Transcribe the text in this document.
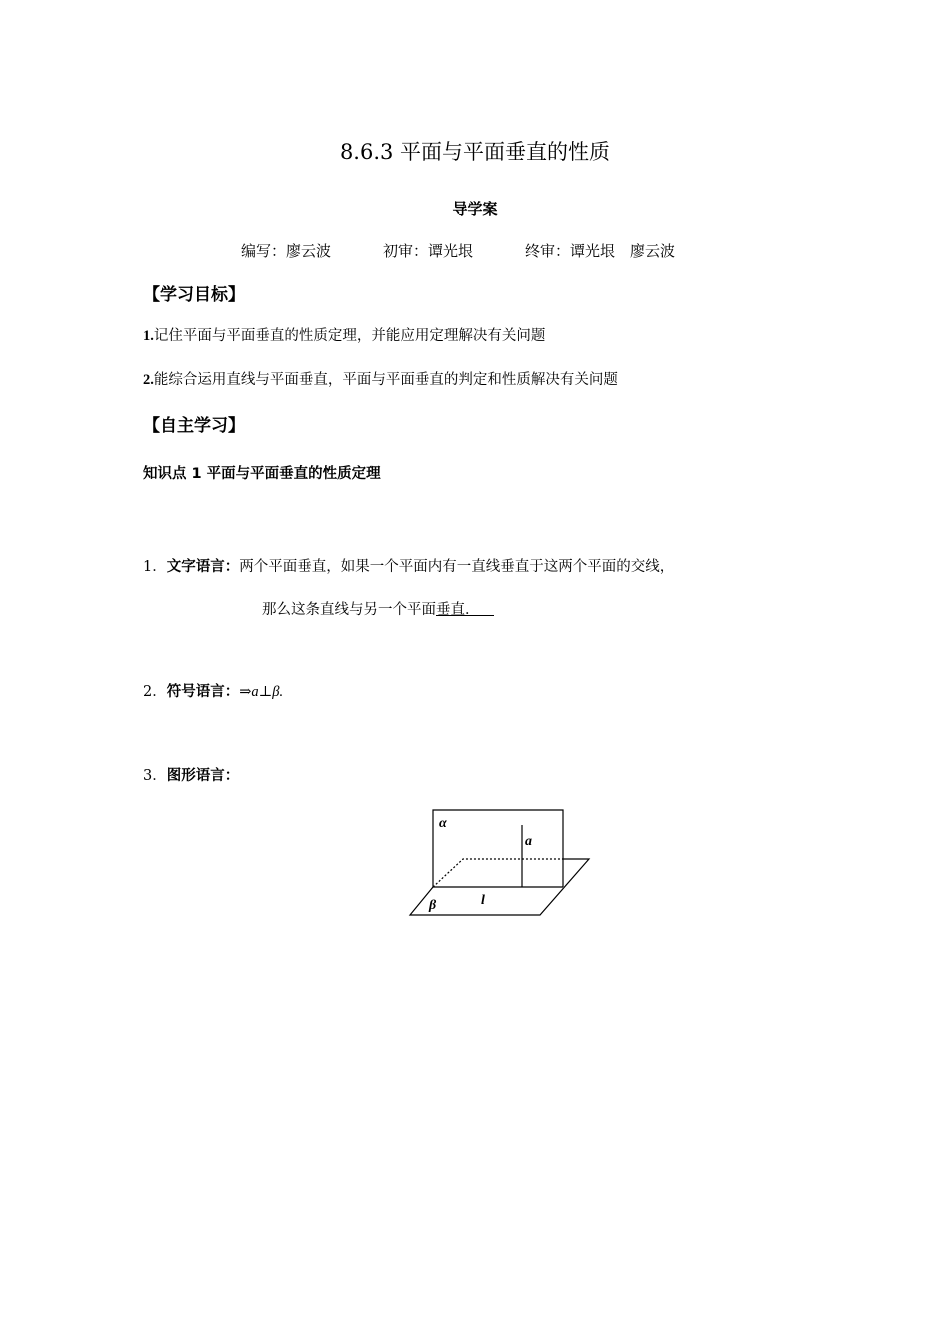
8.6.3 平面与平面垂直的性质
导学案
编写：廖云波	初审：谭光垠	终审：谭光垠　廖云波
【学习目标】
1.记住平面与平面垂直的性质定理，并能应用定理解决有关问题
2.能综合运用直线与平面垂直，平面与平面垂直的判定和性质解决有关问题
【自主学习】
知识点 1 平面与平面垂直的性质定理
1．文字语言：两个平面垂直，如果一个平面内有一直线垂直于这两个平面的交线，
那么这条直线与另一个平面垂直． 
2．符号语言：⇒a⊥β.
3．图形语言：
α
a
β	l
